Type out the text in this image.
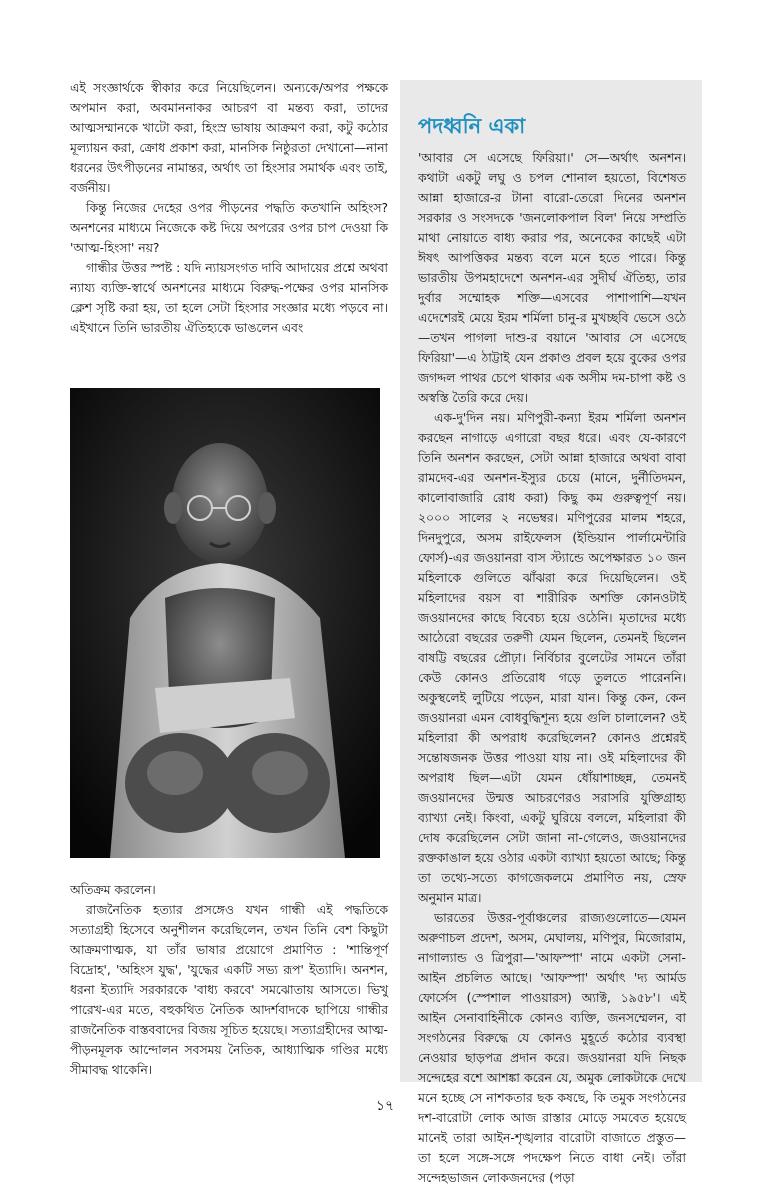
এই সংজ্ঞার্থকে স্বীকার করে নিয়েছিলেন। অন্যকে/অপর পক্ষকে অপমান করা, অবমাননাকর আচরণ বা মন্তব্য করা, তাদের আত্মসম্মানকে খাটো করা, হিংস্র ভাষায় আক্রমণ করা, কটু কঠোর মূল্যায়ন করা, ক্রোধ প্রকাশ করা, মানসিক নিষ্ঠুরতা দেখানো—নানা ধরনের উৎপীড়নের নামান্তর, অর্থাৎ তা হিংসার সমার্থক এবং তাই, বর্জনীয়।

কিন্তু নিজের দেহের ওপর পীড়নের পদ্ধতি কতখানি অহিংস? অনশনের মাধ্যমে নিজেকে কষ্ট দিয়ে অপরের ওপর চাপ দেওয়া কি 'আত্ম-হিংসা' নয়?

গান্ধীর উত্তর স্পষ্ট : যদি ন্যায়সংগত দাবি আদায়ের প্রশ্নে অথবা ন্যায্য ব্যক্তি-স্বার্থে অনশনের মাধ্যমে বিরুদ্ধ-পক্ষের ওপর মানসিক ক্লেশ সৃষ্টি করা হয়, তা হলে সেটা হিংসার সংজ্ঞার মধ্যে পড়বে না। এইখানে তিনি ভারতীয় ঐতিহ্যকে ভাঙলেন এবং

অতিক্রম করলেন।

রাজনৈতিক হত্যার প্রসঙ্গেও যখন গান্ধী এই পদ্ধতিকে সত্যাগ্রহী হিসেবে অনুশীলন করেছিলেন, তখন তিনি বেশ কিছুটা আক্রমণাত্মক, যা তাঁর ভাষার প্রয়োগে প্রমাণিত : 'শান্তিপূর্ণ বিদ্রোহ', 'অহিংস যুদ্ধ', 'যুদ্ধের একটি সভ্য রূপ' ইত্যাদি। অনশন, ধরনা ইত্যাদি সরকারকে 'বাধ্য করবে' সমঝোতায় আসতে। ভিখু পারেখ-এর মতে, বহুকথিত নৈতিক আদর্শবাদকে ছাপিয়ে গান্ধীর রাজনৈতিক বাস্তববাদের বিজয় সূচিত হয়েছে। সত্যাগ্রহীদের আত্ম-পীড়নমূলক আন্দোলন সবসময় নৈতিক, আধ্যাত্মিক গণ্ডির মধ্যে সীমাবদ্ধ থাকেনি।

পদধ্বনি একা

'আবার সে এসেছে ফিরিয়া।' সে—অর্থাৎ অনশন। কথাটা একটু লঘু ও চপল শোনাল হয়তো, বিশেষত আন্না হাজারে-র টানা বারো-তেরো দিনের অনশন সরকার ও সংসদকে 'জনলোকপাল বিল' নিয়ে সম্প্রতি মাথা নোয়াতে বাধ্য করার পর, অনেকের কাছেই এটা ঈষৎ আপত্তিকর মন্তব্য বলে মনে হতে পারে। কিন্তু ভারতীয় উপমহাদেশে অনশন-এর সুদীর্ঘ ঐতিহ্য, তার দুর্বার সম্মোহক শক্তি—এসবের পাশাপাশি—যখন এদেশেরই মেয়ে ইরম শর্মিলা চানু-র মুখচ্ছবি ভেসে ওঠে—তখন পাগলা দাশু-র বয়ানে 'আবার সে এসেছে ফিরিয়া'—এ ঠাট্টাই যেন প্রকাণ্ড প্রবল হয়ে বুকের ওপর জগদ্দল পাথর চেপে থাকার এক অসীম দম-চাপা কষ্ট ও অস্বস্তি তৈরি করে দেয়।

এক-দু'দিন নয়। মণিপুরী-কন্যা ইরম শর্মিলা অনশন করছেন নাগাড়ে এগারো বছর ধরে। এবং যে-কারণে তিনি অনশন করছেন, সেটা আন্না হাজারে অথবা বাবা রামদেব-এর অনশন-ইস্যুর চেয়ে (মানে, দুর্নীতিদমন, কালোবাজারি রোধ করা) কিছু কম গুরুত্বপূর্ণ নয়। ২০০০ সালের ২ নভেম্বর। মণিপুরের মালম শহরে, দিনদুপুরে, অসম রাইফেলস (ইন্ডিয়ান পার্লামেন্টারি ফোর্স)-এর জওয়ানরা বাস স্ট্যান্ডে অপেক্ষারত ১০ জন মহিলাকে গুলিতে ঝাঁঝরা করে দিয়েছিলেন। ওই মহিলাদের বয়স বা শারীরিক অশক্তি কোনওটাই জওয়ানদের কাছে বিবেচ্য হয়ে ওঠেনি। মৃতাদের মধ্যে আঠেরো বছরের তরুণী যেমন ছিলেন, তেমনই ছিলেন বাষট্টি বছরের প্রৌঢ়া। নির্বিচার বুলেটের সামনে তাঁরা কেউ কোনও প্রতিরোধ গড়ে তুলতে পারেননি। অকুস্থলেই লুটিয়ে পড়েন, মারা যান। কিন্তু কেন, কেন জওয়ানরা এমন বোধবুদ্ধিশূন্য হয়ে গুলি চালালেন? ওই মহিলারা কী অপরাধ করেছিলেন? কোনও প্রশ্নেরই সন্তোষজনক উত্তর পাওয়া যায় না। ওই মহিলাদের কী অপরাধ ছিল—এটা যেমন ধোঁয়াশাচ্ছন্ন, তেমনই জওয়ানদের উন্মত্ত আচরণেরও সরাসরি যুক্তিগ্রাহ্য ব্যাখ্যা নেই। কিংবা, একটু ঘুরিয়ে বললে, মহিলারা কী দোষ করেছিলেন সেটা জানা না-গেলেও, জওয়ানদের রক্তকাঙাল হয়ে ওঠার একটা ব্যাখ্যা হয়তো আছে; কিন্তু তা তথ্যে-সত্যে কাগজেকলমে প্রমাণিত নয়, স্রেফ অনুমান মাত্র।

ভারতের উত্তর-পূর্বাঞ্চলের রাজ্যগুলোতে—যেমন অরুণাচল প্রদেশ, অসম, মেঘালয়, মণিপুর, মিজোরাম, নাগাল্যান্ড ও ত্রিপুরা—'আফস্পা' নামে একটা সেনা-আইন প্রচলিত আছে। 'আফস্পা' অর্থাৎ 'দ্য আর্মড ফোর্সেস (স্পেশাল পাওয়ারস) অ্যাক্ট, ১৯৫৮'। এই আইন সেনাবাহিনীকে কোনও ব্যক্তি, জনসম্মেলন, বা সংগঠনের বিরুদ্ধে যে কোনও মুহূর্তে কঠোর ব্যবস্থা নেওয়ার ছাড়পত্র প্রদান করে। জওয়ানরা যদি নিছক সন্দেহের বশে আশঙ্কা করেন যে, অমুক লোকটাকে দেখে মনে হচ্ছে সে নাশকতার ছক কষছে, কি তমুক সংগঠনের দশ-বারোটা লোক আজ রাস্তার মোড়ে সমবেত হয়েছে মানেই তারা আইন-শৃঙ্খলার বারোটা বাজাতে প্রস্তুত—তা হলে সঙ্গে-সঙ্গে পদক্ষেপ নিতে বাধা নেই। তাঁরা সন্দেহভাজন লোকজনদের (পড়া

১৭
